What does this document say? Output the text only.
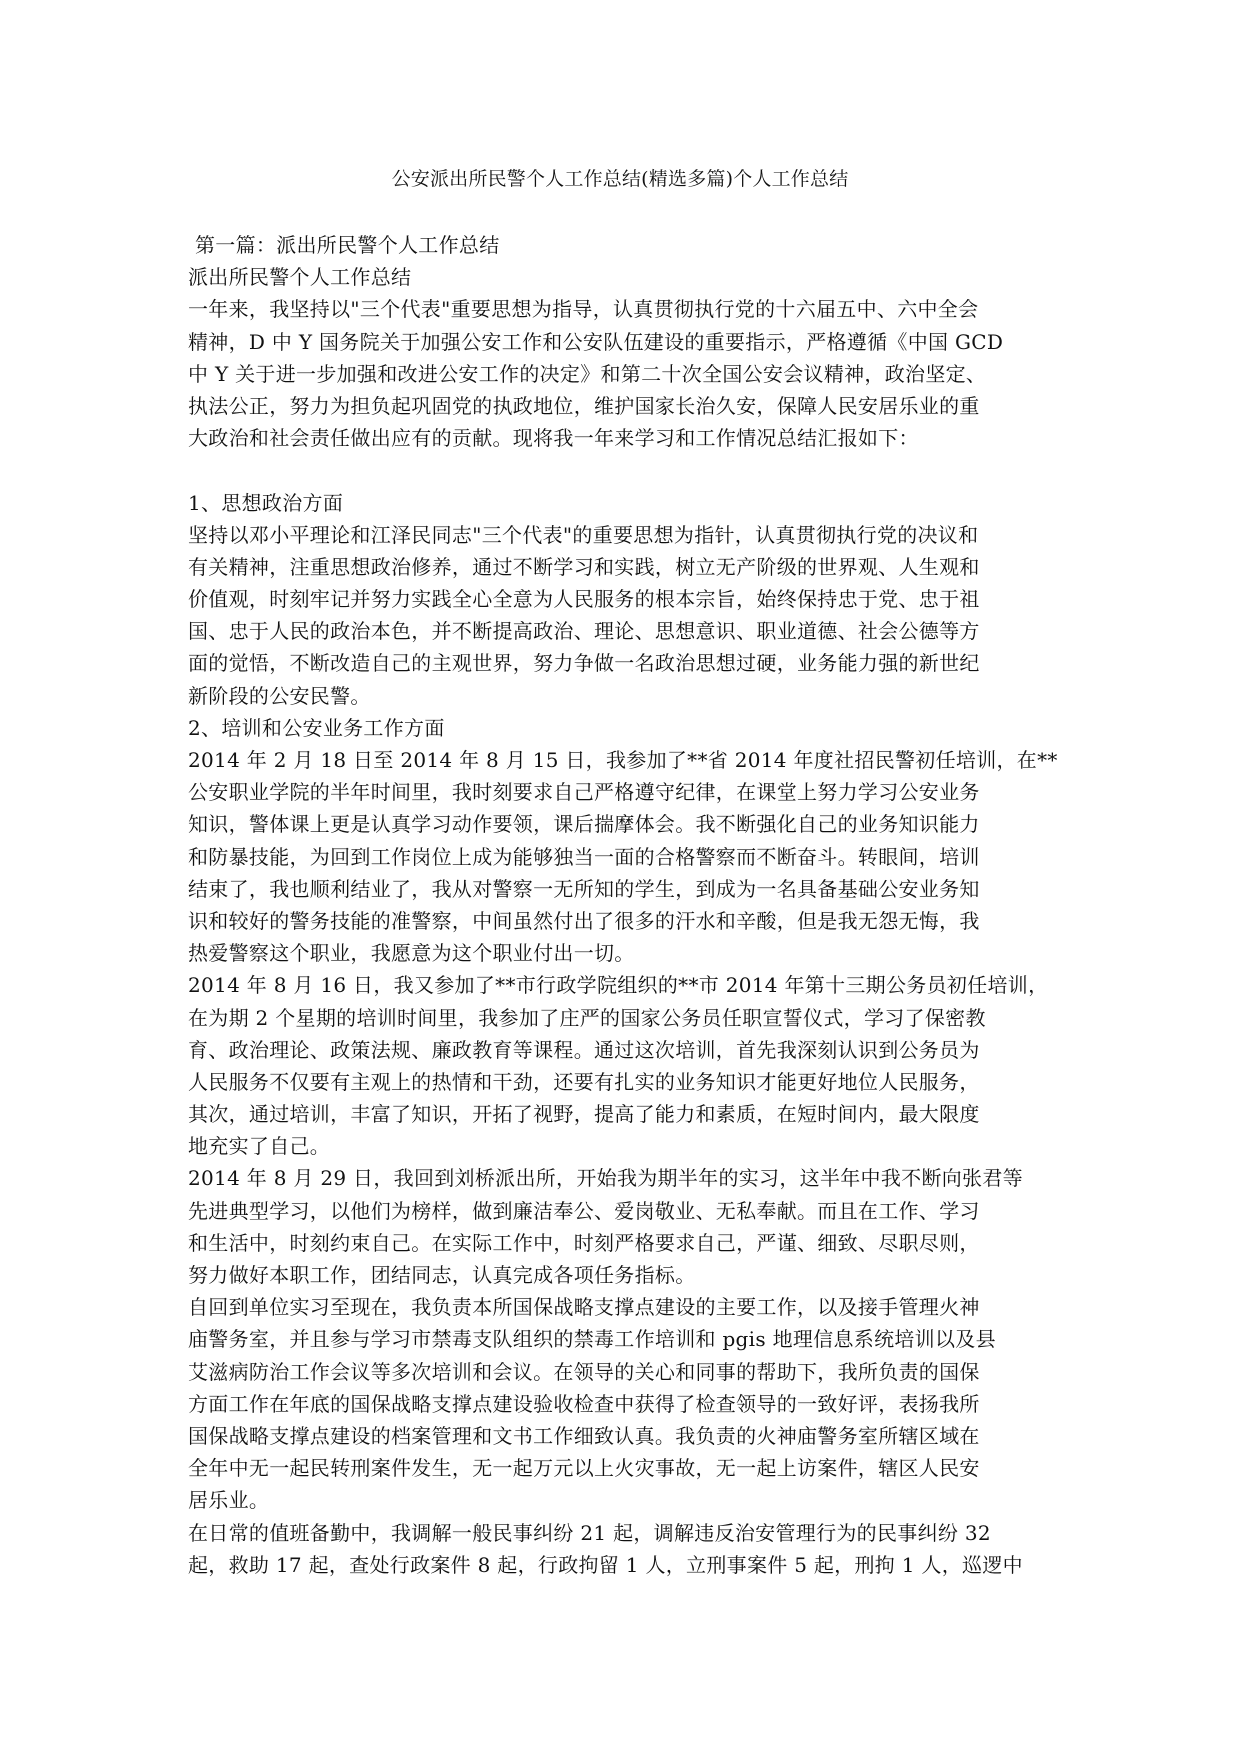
公安派出所民警个人工作总结(精选多篇)个人工作总结
第一篇：派出所民警个人工作总结
派出所民警个人工作总结
一年来，我坚持以"三个代表"重要思想为指导，认真贯彻执行党的十六届五中、六中全会
精神，D 中 Y 国务院关于加强公安工作和公安队伍建设的重要指示，严格遵循《中国 GCD
中 Y 关于进一步加强和改进公安工作的决定》和第二十次全国公安会议精神，政治坚定、
执法公正，努力为担负起巩固党的执政地位，维护国家长治久安，保障人民安居乐业的重
大政治和社会责任做出应有的贡献。现将我一年来学习和工作情况总结汇报如下：
1、思想政治方面
坚持以邓小平理论和江泽民同志"三个代表"的重要思想为指针，认真贯彻执行党的决议和
有关精神，注重思想政治修养，通过不断学习和实践，树立无产阶级的世界观、人生观和
价值观，时刻牢记并努力实践全心全意为人民服务的根本宗旨，始终保持忠于党、忠于祖
国、忠于人民的政治本色，并不断提高政治、理论、思想意识、职业道德、社会公德等方
面的觉悟，不断改造自己的主观世界，努力争做一名政治思想过硬，业务能力强的新世纪
新阶段的公安民警。
2、培训和公安业务工作方面
2014 年 2 月 18 日至 2014 年 8 月 15 日，我参加了**省 2014 年度社招民警初任培训，在**
公安职业学院的半年时间里，我时刻要求自己严格遵守纪律，在课堂上努力学习公安业务
知识，警体课上更是认真学习动作要领，课后揣摩体会。我不断强化自己的业务知识能力
和防暴技能，为回到工作岗位上成为能够独当一面的合格警察而不断奋斗。转眼间，培训
结束了，我也顺利结业了，我从对警察一无所知的学生，到成为一名具备基础公安业务知
识和较好的警务技能的准警察，中间虽然付出了很多的汗水和辛酸，但是我无怨无悔，我
热爱警察这个职业，我愿意为这个职业付出一切。
2014 年 8 月 16 日，我又参加了**市行政学院组织的**市 2014 年第十三期公务员初任培训，
在为期 2 个星期的培训时间里，我参加了庄严的国家公务员任职宣誓仪式，学习了保密教
育、政治理论、政策法规、廉政教育等课程。通过这次培训，首先我深刻认识到公务员为
人民服务不仅要有主观上的热情和干劲，还要有扎实的业务知识才能更好地位人民服务，
其次，通过培训，丰富了知识，开拓了视野，提高了能力和素质，在短时间内，最大限度
地充实了自己。
2014 年 8 月 29 日，我回到刘桥派出所，开始我为期半年的实习，这半年中我不断向张君等
先进典型学习，以他们为榜样，做到廉洁奉公、爱岗敬业、无私奉献。而且在工作、学习
和生活中，时刻约束自己。在实际工作中，时刻严格要求自己，严谨、细致、尽职尽则，
努力做好本职工作，团结同志，认真完成各项任务指标。
自回到单位实习至现在，我负责本所国保战略支撑点建设的主要工作，以及接手管理火神
庙警务室，并且参与学习市禁毒支队组织的禁毒工作培训和 pgis 地理信息系统培训以及县
艾滋病防治工作会议等多次培训和会议。在领导的关心和同事的帮助下，我所负责的国保
方面工作在年底的国保战略支撑点建设验收检查中获得了检查领导的一致好评，表扬我所
国保战略支撑点建设的档案管理和文书工作细致认真。我负责的火神庙警务室所辖区域在
全年中无一起民转刑案件发生，无一起万元以上火灾事故，无一起上访案件，辖区人民安
居乐业。
在日常的值班备勤中，我调解一般民事纠纷 21 起，调解违反治安管理行为的民事纠纷 32
起，救助 17 起，查处行政案件 8 起，行政拘留 1 人，立刑事案件 5 起，刑拘 1 人，巡逻中
